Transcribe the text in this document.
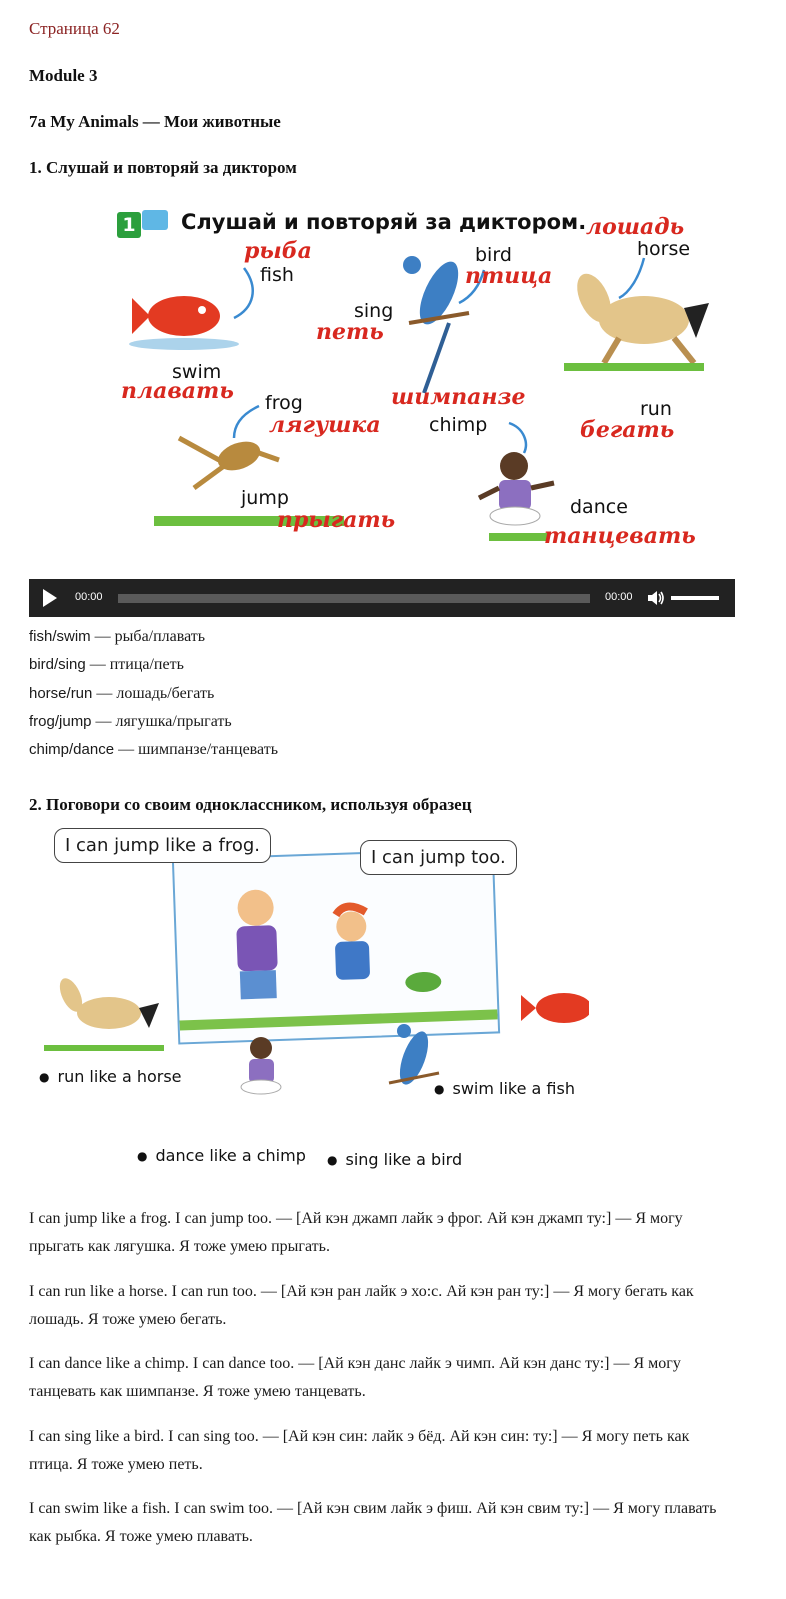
Страница 62
Module 3
7a My Animals — Мои животные
1. Слушай и повторяй за диктором
1 Слушай и повторяй за диктором.
рыба
fish
swim
плавать
bird
птица
sing
петь
лошадь
horse
run
бегать
frog
лягушка
jump
прыгать
шимпанзе
chimp
dance
танцевать
00:00	00:00
fish/swim — рыба/плавать
bird/sing — птица/петь
horse/run — лошадь/бегать
frog/jump — лягушка/прыгать
chimp/dance — шимпанзе/танцевать
2. Поговори со своим одноклассником, используя образец
I can jump like a frog.
I can jump too.
● run like a horse
● swim like a fish
● dance like a chimp
●	sing like a bird

I can jump like a frog. I can jump too. — [Ай кэн джамп лайк э фрог. Ай кэн джамп ту:] — Я могу прыгать как лягушка. Я тоже умею прыгать.

I can run like a horse. I can run too. — [Ай кэн ран лайк э хо:с. Ай кэн ран ту:] — Я могу бегать как лошадь. Я тоже умею бегать.

I can dance like a chimp. I can dance too. — [Ай кэн данс лайк э чимп. Ай кэн данс ту:] — Я могу танцевать как шимпанзе. Я тоже умею танцевать.

I can sing like a bird. I can sing too. — [Ай кэн син: лайк э бёд. Ай кэн син: ту:] — Я могу петь как птица. Я тоже умею петь.

I can swim like a fish. I can swim too. — [Ай кэн свим лайк э фиш. Ай кэн свим ту:] — Я могу плавать как рыбка. Я тоже умею плавать.
